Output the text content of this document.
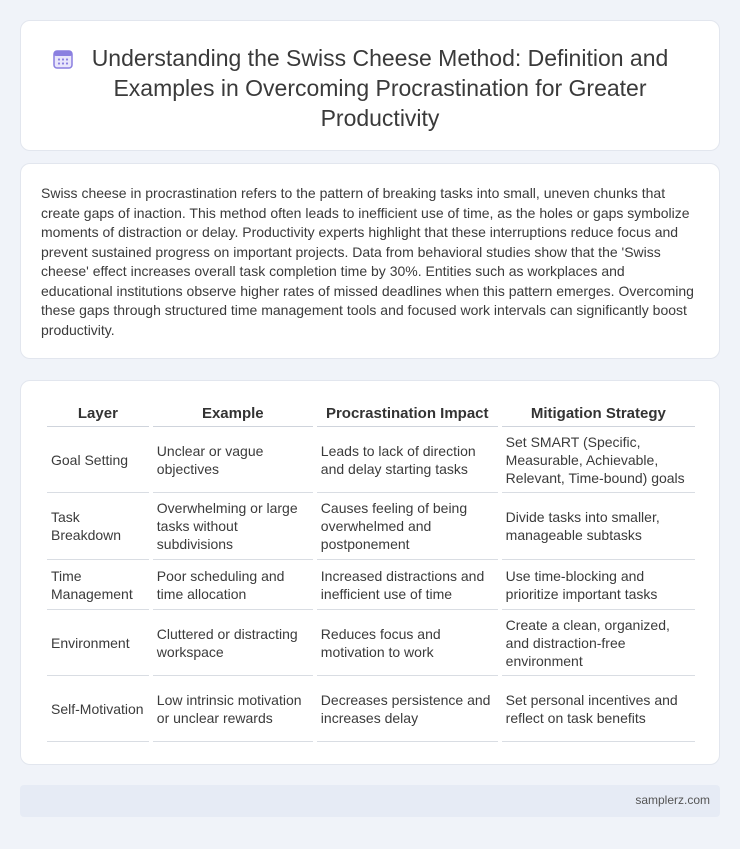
Understanding the Swiss Cheese Method: Definition and Examples in Overcoming Procrastination for Greater Productivity

Swiss cheese in procrastination refers to the pattern of breaking tasks into small, uneven chunks that create gaps of inaction. This method often leads to inefficient use of time, as the holes or gaps symbolize moments of distraction or delay. Productivity experts highlight that these interruptions reduce focus and prevent sustained progress on important projects. Data from behavioral studies show that the 'Swiss cheese' effect increases overall task completion time by 30%. Entities such as workplaces and educational institutions observe higher rates of missed deadlines when this pattern emerges. Overcoming these gaps through structured time management tools and focused work intervals can significantly boost productivity.

Layer	Example	Procrastination Impact	Mitigation Strategy
Goal Setting	Unclear or vague objectives	Leads to lack of direction and delay starting tasks	Set SMART (Specific, Measurable, Achievable, Relevant, Time-bound) goals
Task Breakdown	Overwhelming or large tasks without subdivisions	Causes feeling of being overwhelmed and postponement	Divide tasks into smaller, manageable subtasks
Time Management	Poor scheduling and time allocation	Increased distractions and inefficient use of time	Use time-blocking and prioritize important tasks
Environment	Cluttered or distracting workspace	Reduces focus and motivation to work	Create a clean, organized, and distraction-free environment
Self-Motivation	Low intrinsic motivation or unclear rewards	Decreases persistence and increases delay	Set personal incentives and reflect on task benefits
samplerz.com
